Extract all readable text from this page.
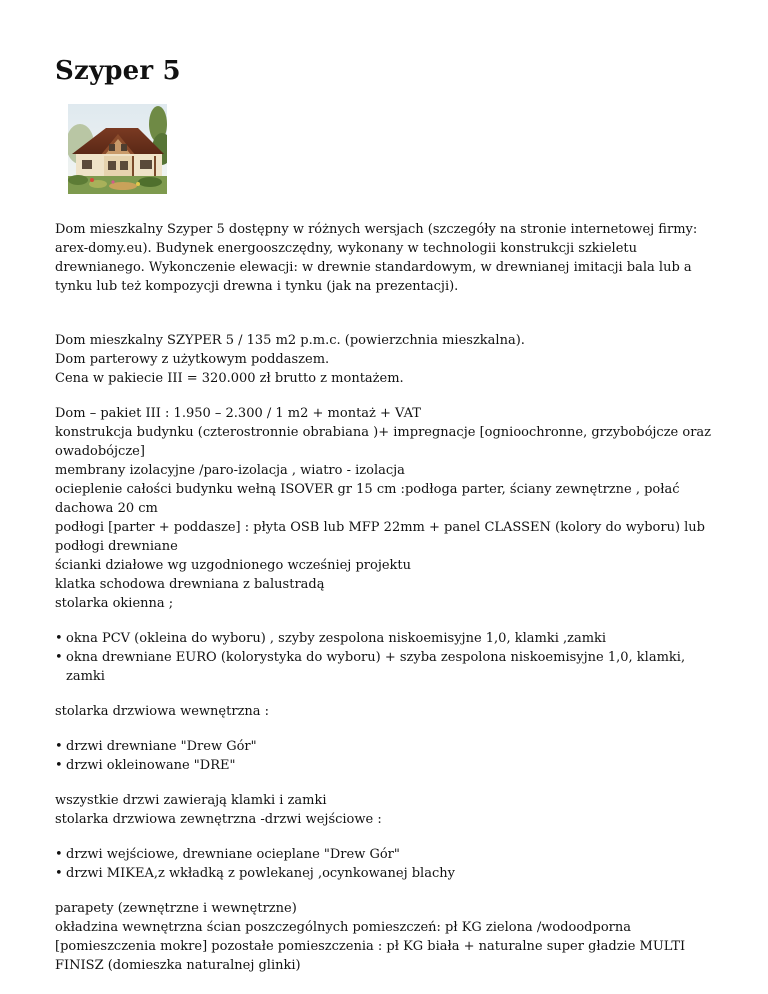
Szyper 5

Dom mieszkalny Szyper 5 dostępny w różnych wersjach (szczegóły na stronie internetowej firmy: arex-domy.eu). Budynek energooszczędny, wykonany w technologii konstrukcji szkieletu drewnianego. Wykonczenie elewacji: w drewnie standardowym, w drewnianej imitacji bala lub a tynku lub też kompozycji drewna i tynku (jak na prezentacji).

Dom mieszkalny SZYPER 5 / 135 m2 p.m.c. (powierzchnia mieszkalna).

Dom parterowy z użytkowym poddaszem.

Cena w pakiecie III = 320.000 zł brutto z montażem.

Dom – pakiet III : 1.950 – 2.300 / 1 m2 + montaż + VAT

konstrukcja budynku (czterostronnie obrabiana )+ impregnacje [ognioochronne, grzybobójcze oraz owadobójcze]

membrany izolacyjne /paro-izolacja , wiatro - izolacja

ocieplenie całości budynku wełną ISOVER gr 15 cm :podłoga parter, ściany zewnętrzne , połać dachowa 20 cm

podłogi [parter + poddasze] : płyta OSB lub MFP 22mm + panel CLASSEN (kolory do wyboru) lub podłogi drewniane

ścianki działowe wg uzgodnionego wcześniej projektu

klatka schodowa drewniana z balustradą

stolarka okienna ;

• okna PCV (okleina do wyboru) , szyby zespolona niskoemisyjne 1,0, klamki ,zamki
• okna drewniane EURO (kolorystyka do wyboru) + szyba zespolona niskoemisyjne 1,0, klamki, zamki

stolarka drzwiowa wewnętrzna :

• drzwi drewniane "Drew Gór"
• drzwi okleinowane "DRE"

wszystkie drzwi zawierają klamki i zamki

stolarka drzwiowa zewnętrzna -drzwi wejściowe :

• drzwi wejściowe, drewniane ocieplane "Drew Gór"
• drzwi MIKEA,z wkładką z powlekanej ,ocynkowanej blachy

parapety (zewnętrzne i wewnętrzne)

okładzina wewnętrzna ścian poszczególnych pomieszczeń: pł KG zielona /wodoodporna [pomieszczenia mokre] pozostałe pomieszczenia : pł KG biała + naturalne super gładzie MULTI FINISZ (domieszka naturalnej glinki)
